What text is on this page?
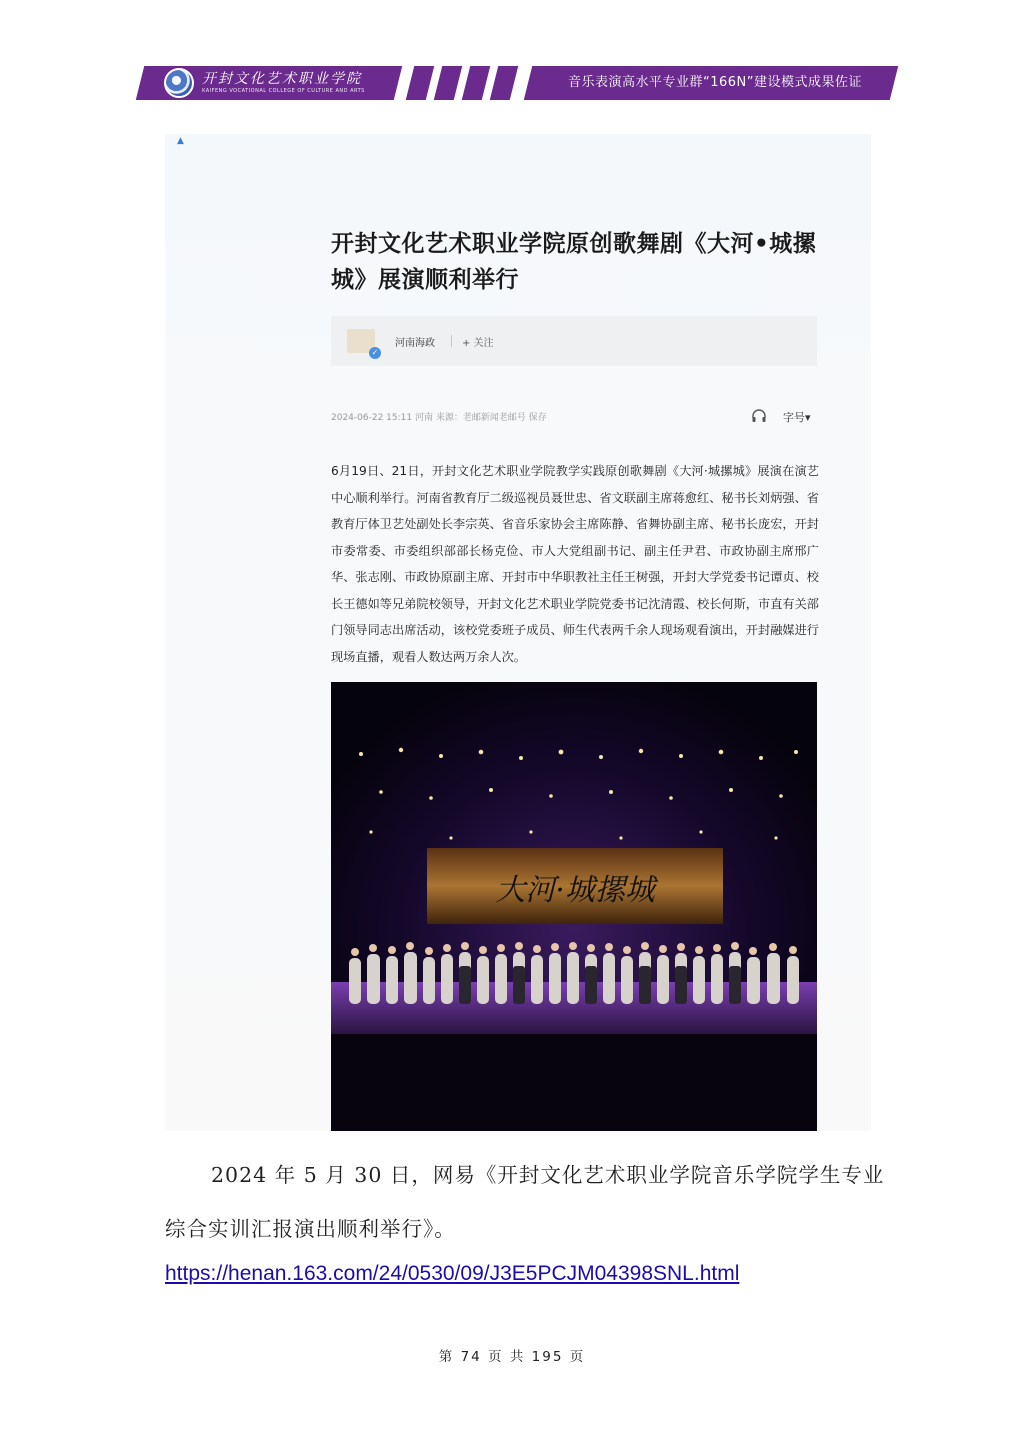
开封文化艺术职业学院
KAIFENG VOCATIONAL COLLEGE OF CULTURE AND ARTS
音乐表演高水平专业群“166N”建设模式成果佐证
▲
开封文化艺术职业学院原创歌舞剧《大河•城摞城》展演顺利举行
✓
河南海政	+ 关注
2024-06-22 15:11 河南 来源：老邮新闻老邮号 保存	字号▾
6月19日、21日，开封文化艺术职业学院教学实践原创歌舞剧《大河·城摞城》展演在演艺中心顺利举行。河南省教育厅二级巡视员聂世忠、省文联副主席蒋愈红、秘书长刘炳强、省教育厅体卫艺处副处长李宗英、省音乐家协会主席陈静、省舞协副主席、秘书长庞宏，开封市委常委、市委组织部部长杨克俭、市人大党组副书记、副主任尹君、市政协副主席邢广华、张志刚、市政协原副主席、开封市中华职教社主任王树强，开封大学党委书记谭贞、校长王德如等兄弟院校领导，开封文化艺术职业学院党委书记沈清霞、校长何斯，市直有关部门领导同志出席活动，该校党委班子成员、师生代表两千余人现场观看演出，开封融媒进行现场直播，观看人数达两万余人次。
大河·城摞城
2024 年 5 月 30 日，网易《开封文化艺术职业学院音乐学院学生专业综合实训汇报演出顺利举行》。
https://henan.163.com/24/0530/09/J3E5PCJM04398SNL.html
第 74 页 共 195 页
